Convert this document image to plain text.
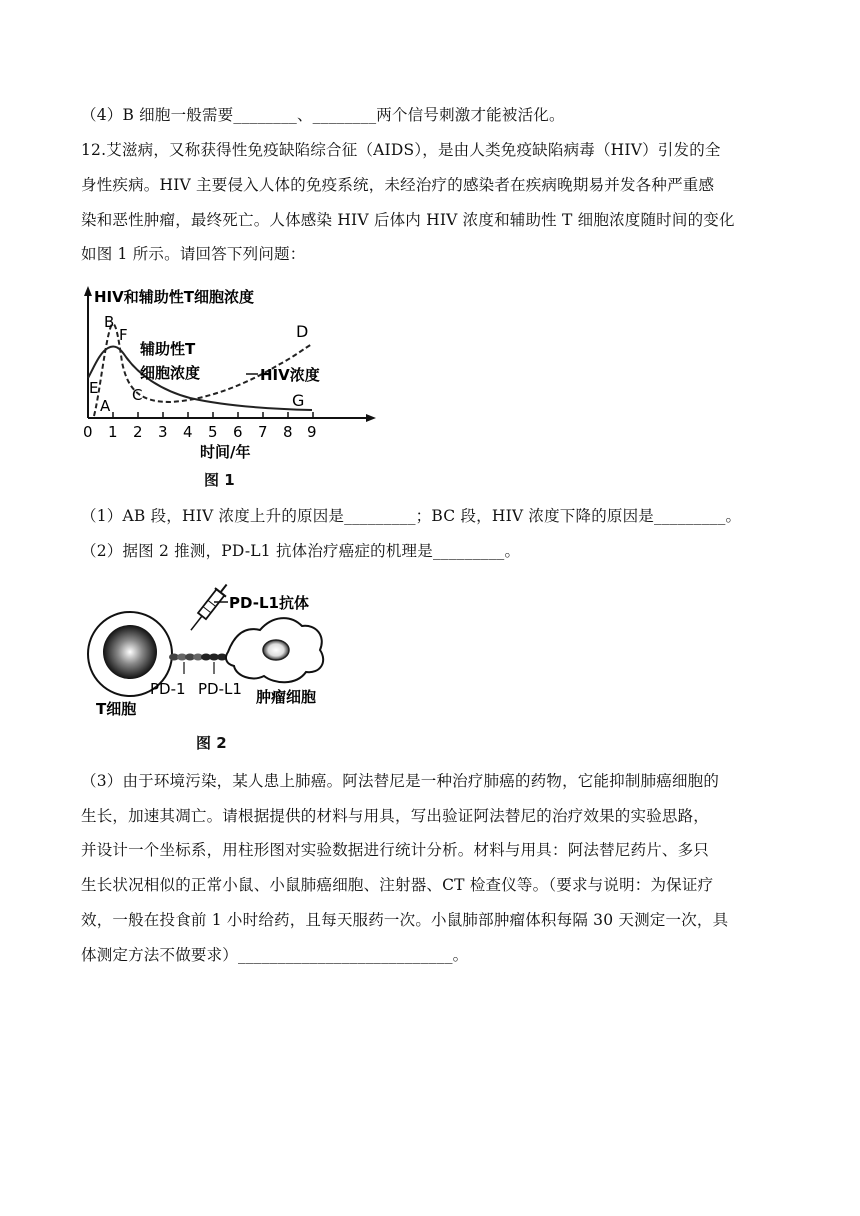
（4）B 细胞一般需要________、________两个信号刺激才能被活化。
12.艾滋病，又称获得性免疫缺陷综合征（AIDS），是由人类免疫缺陷病毒（HIV）引发的全
身性疾病。HIV 主要侵入人体的免疫系统，未经治疗的感染者在疾病晚期易并发各种严重感
染和恶性肿瘤，最终死亡。人体感染 HIV 后体内 HIV 浓度和辅助性 T 细胞浓度随时间的变化
如图 1 所示。请回答下列问题：
HIV和辅助性T细胞浓度
0 1 2 3 4 5 6 7 8 9
时间/年
A
B
C
D
E
F
G
辅助性T
细胞浓度	HIV浓度
图 1
（1）AB 段，HIV 浓度上升的原因是_________；BC 段，HIV 浓度下降的原因是_________。
（2）据图 2 推测，PD-L1 抗体治疗癌症的机理是_________。
PD-L1抗体
PD-1 PD-L1
T细胞
肿瘤细胞
图 2
（3）由于环境污染，某人患上肺癌。阿法替尼是一种治疗肺癌的药物，它能抑制肺癌细胞的
生长，加速其凋亡。请根据提供的材料与用具，写出验证阿法替尼的治疗效果的实验思路，
并设计一个坐标系，用柱形图对实验数据进行统计分析。材料与用具：阿法替尼药片、多只
生长状况相似的正常小鼠、小鼠肺癌细胞、注射器、CT 检查仪等。（要求与说明：为保证疗
效，一般在投食前 1 小时给药，且每天服药一次。小鼠肺部肿瘤体积每隔 30 天测定一次，具
体测定方法不做要求）___________________________。
